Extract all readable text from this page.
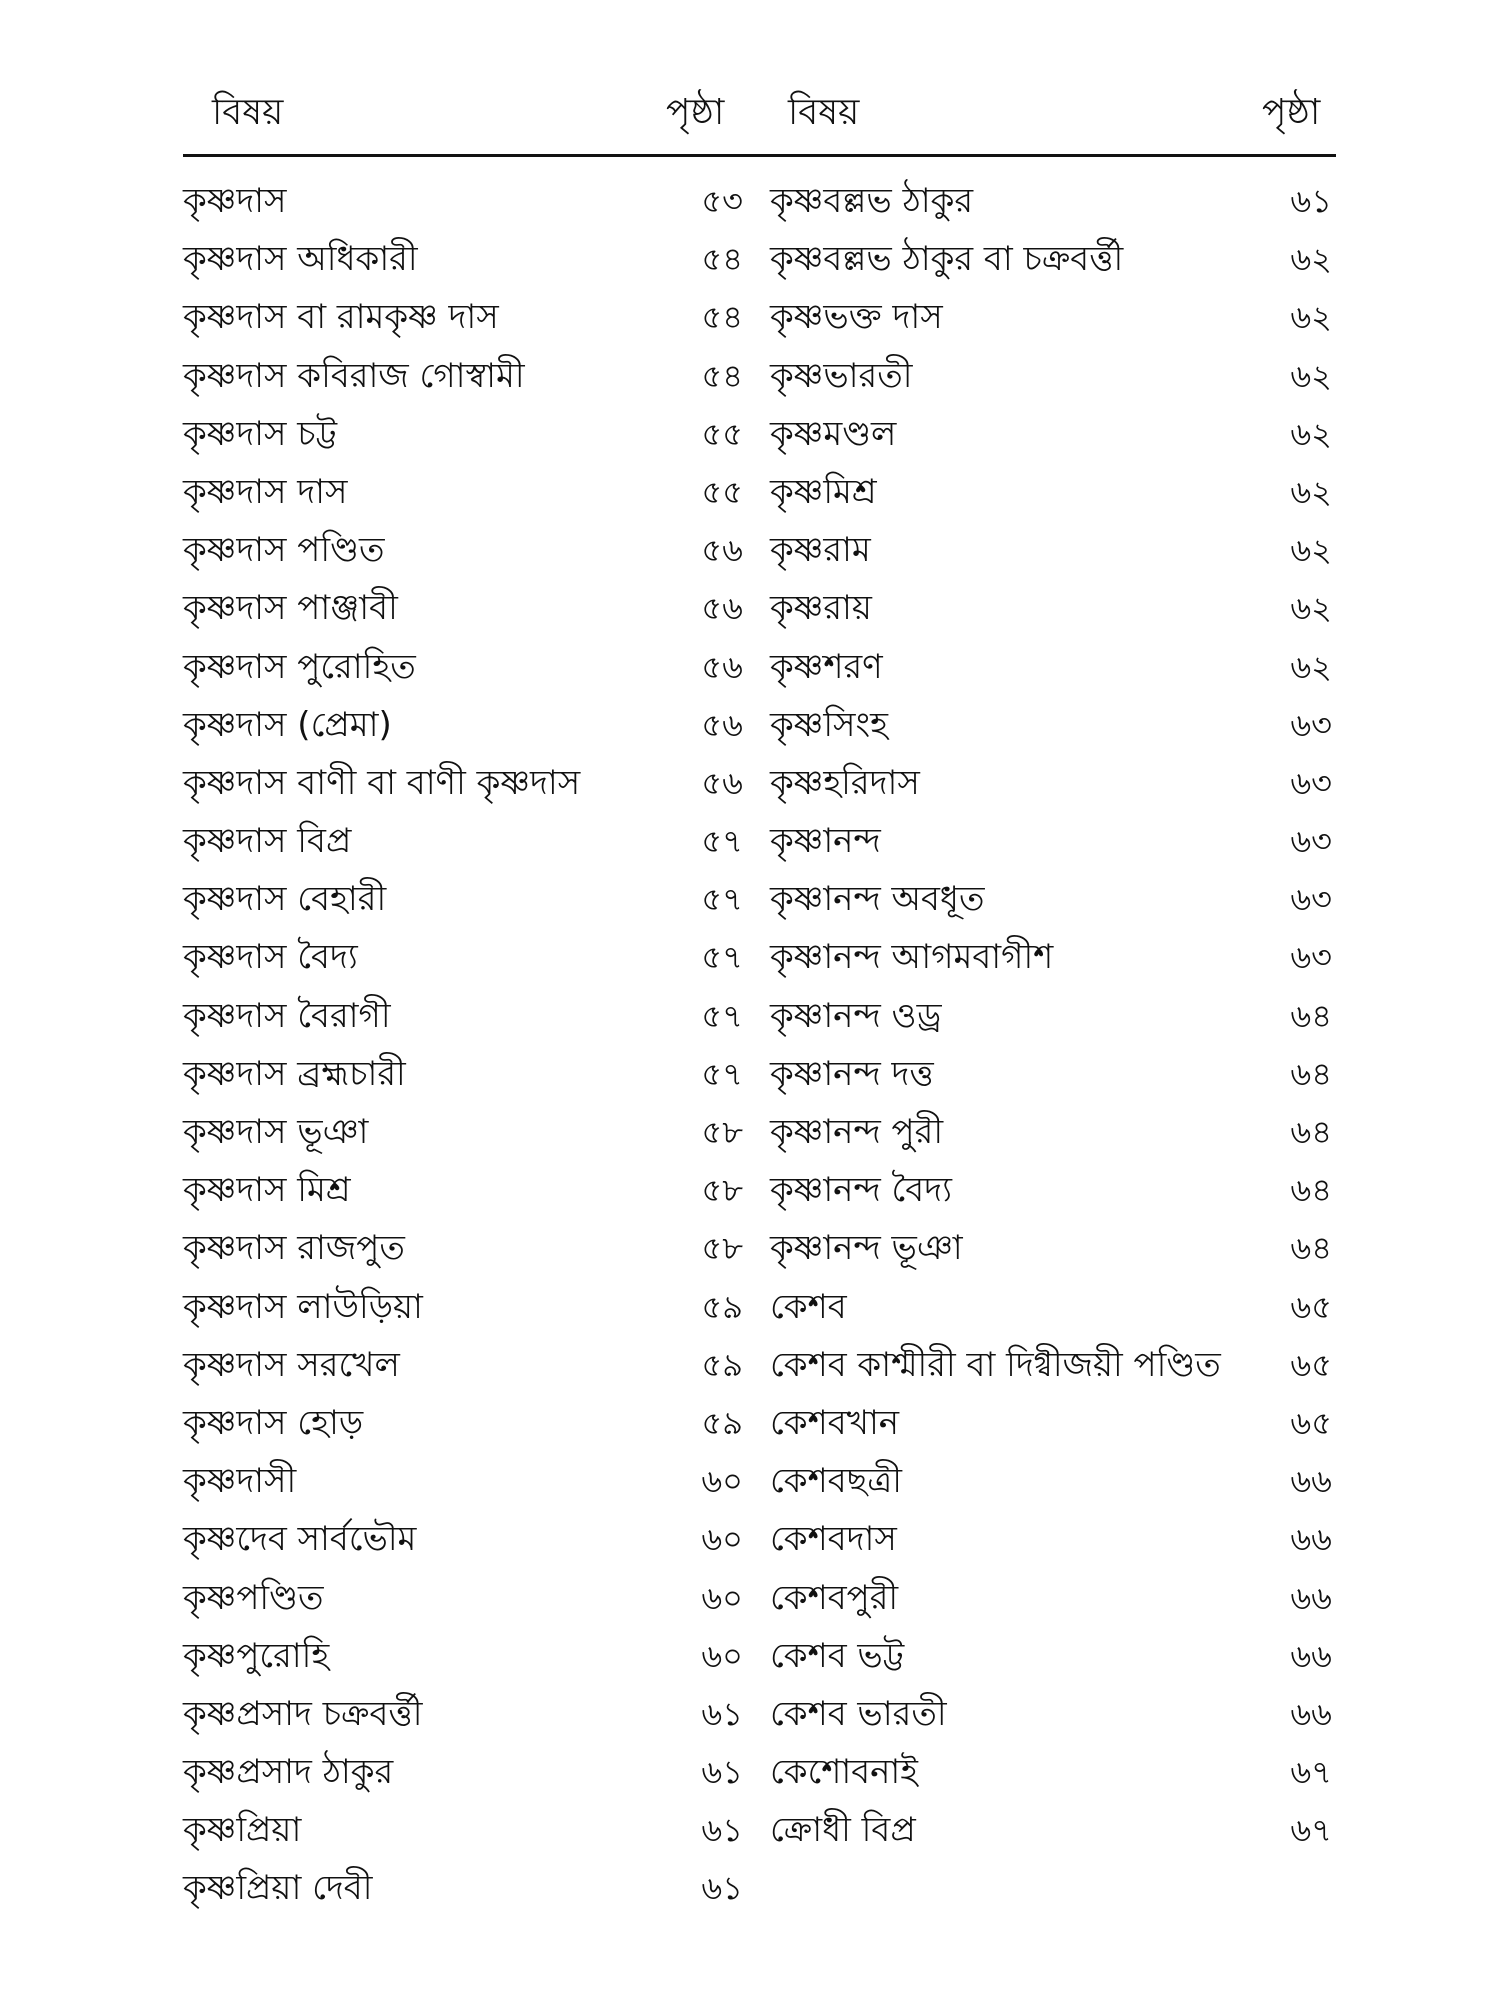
বিষয়	পৃষ্ঠা বিষয়	পৃষ্ঠা
কৃষ্ণদাস	৫৩
কৃষ্ণদাস অধিকারী	৫৪
কৃষ্ণদাস বা রামকৃষ্ণ দাস	৫৪
কৃষ্ণদাস কবিরাজ গোস্বামী	৫৪
কৃষ্ণদাস চট্ট	৫৫
কৃষ্ণদাস দাস	৫৫
কৃষ্ণদাস পণ্ডিত	৫৬
কৃষ্ণদাস পাঞ্জাবী	৫৬
কৃষ্ণদাস পুরোহিত	৫৬
কৃষ্ণদাস (প্রেমা)	৫৬
কৃষ্ণদাস বাণী বা বাণী কৃষ্ণদাস	৫৬
কৃষ্ণদাস বিপ্র	৫৭
কৃষ্ণদাস বেহারী	৫৭
কৃষ্ণদাস বৈদ্য	৫৭
কৃষ্ণদাস বৈরাগী	৫৭
কৃষ্ণদাস ব্রহ্মচারী	৫৭
কৃষ্ণদাস ভূঞা	৫৮
কৃষ্ণদাস মিশ্র	৫৮
কৃষ্ণদাস রাজপুত	৫৮
কৃষ্ণদাস লাউড়িয়া	৫৯
কৃষ্ণদাস সরখেল	৫৯
কৃষ্ণদাস হোড়	৫৯
কৃষ্ণদাসী	৬০
কৃষ্ণদেব সার্বভৌম	৬০
কৃষ্ণপণ্ডিত	৬০
কৃষ্ণপুরোহি	৬০
কৃষ্ণপ্রসাদ চক্রবর্ত্তী	৬১
কৃষ্ণপ্রসাদ ঠাকুর	৬১
কৃষ্ণপ্রিয়া	৬১
কৃষ্ণপ্রিয়া দেবী	৬১
কৃষ্ণবল্লভ ঠাকুর	৬১
কৃষ্ণবল্লভ ঠাকুর বা চক্রবর্ত্তী	৬২
কৃষ্ণভক্ত দাস	৬২
কৃষ্ণভারতী	৬২
কৃষ্ণমণ্ডল	৬২
কৃষ্ণমিশ্র	৬২
কৃষ্ণরাম	৬২
কৃষ্ণরায়	৬২
কৃষ্ণশরণ	৬২
কৃষ্ণসিংহ	৬৩
কৃষ্ণহরিদাস	৬৩
কৃষ্ণানন্দ	৬৩
কৃষ্ণানন্দ অবধূত	৬৩
কৃষ্ণানন্দ আগমবাগীশ	৬৩
কৃষ্ণানন্দ ওড্র	৬৪
কৃষ্ণানন্দ দত্ত	৬৪
কৃষ্ণানন্দ পুরী	৬৪
কৃষ্ণানন্দ বৈদ্য	৬৪
কৃষ্ণানন্দ ভূঞা	৬৪
কেশব	৬৫
কেশব কাশ্মীরী বা দিগ্বীজয়ী পণ্ডিত ৬৫
কেশবখান	৬৫
কেশবছত্রী	৬৬
কেশবদাস	৬৬
কেশবপুরী	৬৬
কেশব ভট্ট	৬৬
কেশব ভারতী	৬৬
কেশোবনাই	৬৭
ক্রোধী বিপ্র	৬৭
